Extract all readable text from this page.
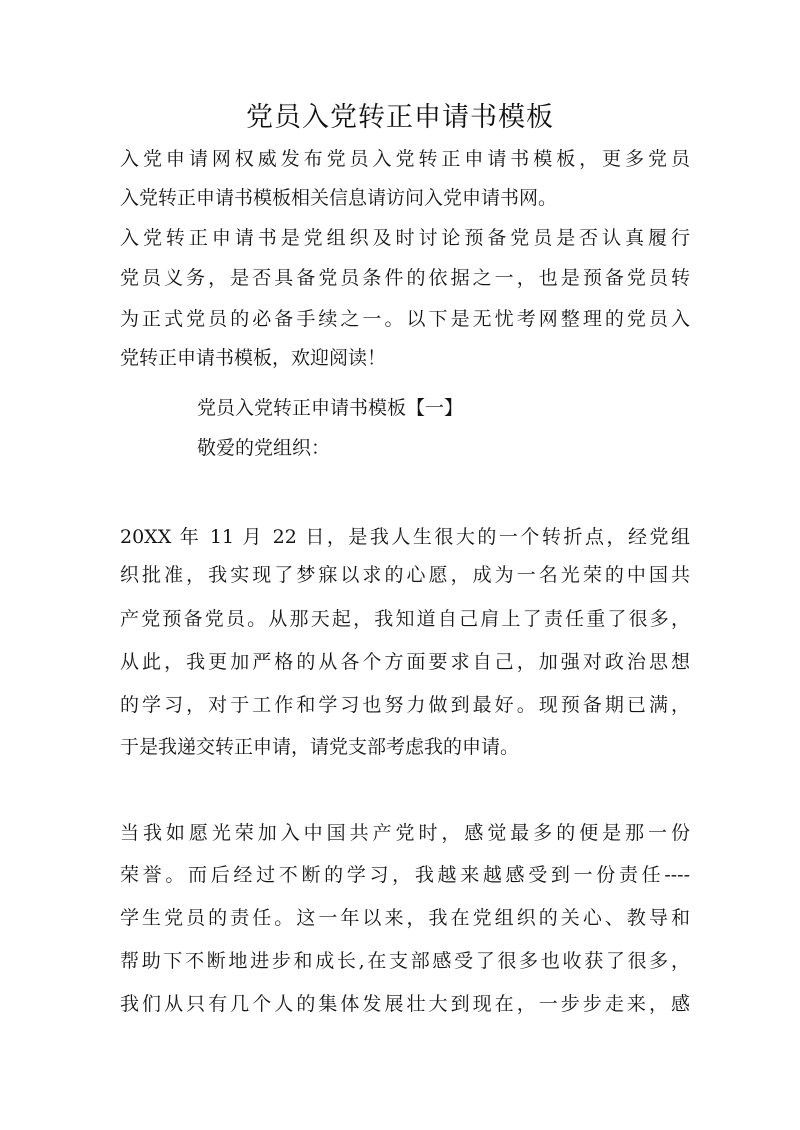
党员入党转正申请书模板
入党申请网权威发布党员入党转正申请书模板，更多党员
入党转正申请书模板相关信息请访问入党申请书网。
入党转正申请书是党组织及时讨论预备党员是否认真履行
党员义务，是否具备党员条件的依据之一，也是预备党员转
为正式党员的必备手续之一。以下是无忧考网整理的党员入
党转正申请书模板，欢迎阅读！
党员入党转正申请书模板【一】
敬爱的党组织：
20XX 年 11 月 22 日，是我人生很大的一个转折点，经党组
织批准，我实现了梦寐以求的心愿，成为一名光荣的中国共
产党预备党员。从那天起，我知道自己肩上了责任重了很多，
从此，我更加严格的从各个方面要求自己，加强对政治思想
的学习，对于工作和学习也努力做到最好。现预备期已满，
于是我递交转正申请，请党支部考虑我的申请。
当我如愿光荣加入中国共产党时，感觉最多的便是那一份
荣誉。而后经过不断的学习，我越来越感受到一份责任----
学生党员的责任。这一年以来，我在党组织的关心、教导和
帮助下不断地进步和成长,在支部感受了很多也收获了很多，
我们从只有几个人的集体发展壮大到现在，一步步走来，感
